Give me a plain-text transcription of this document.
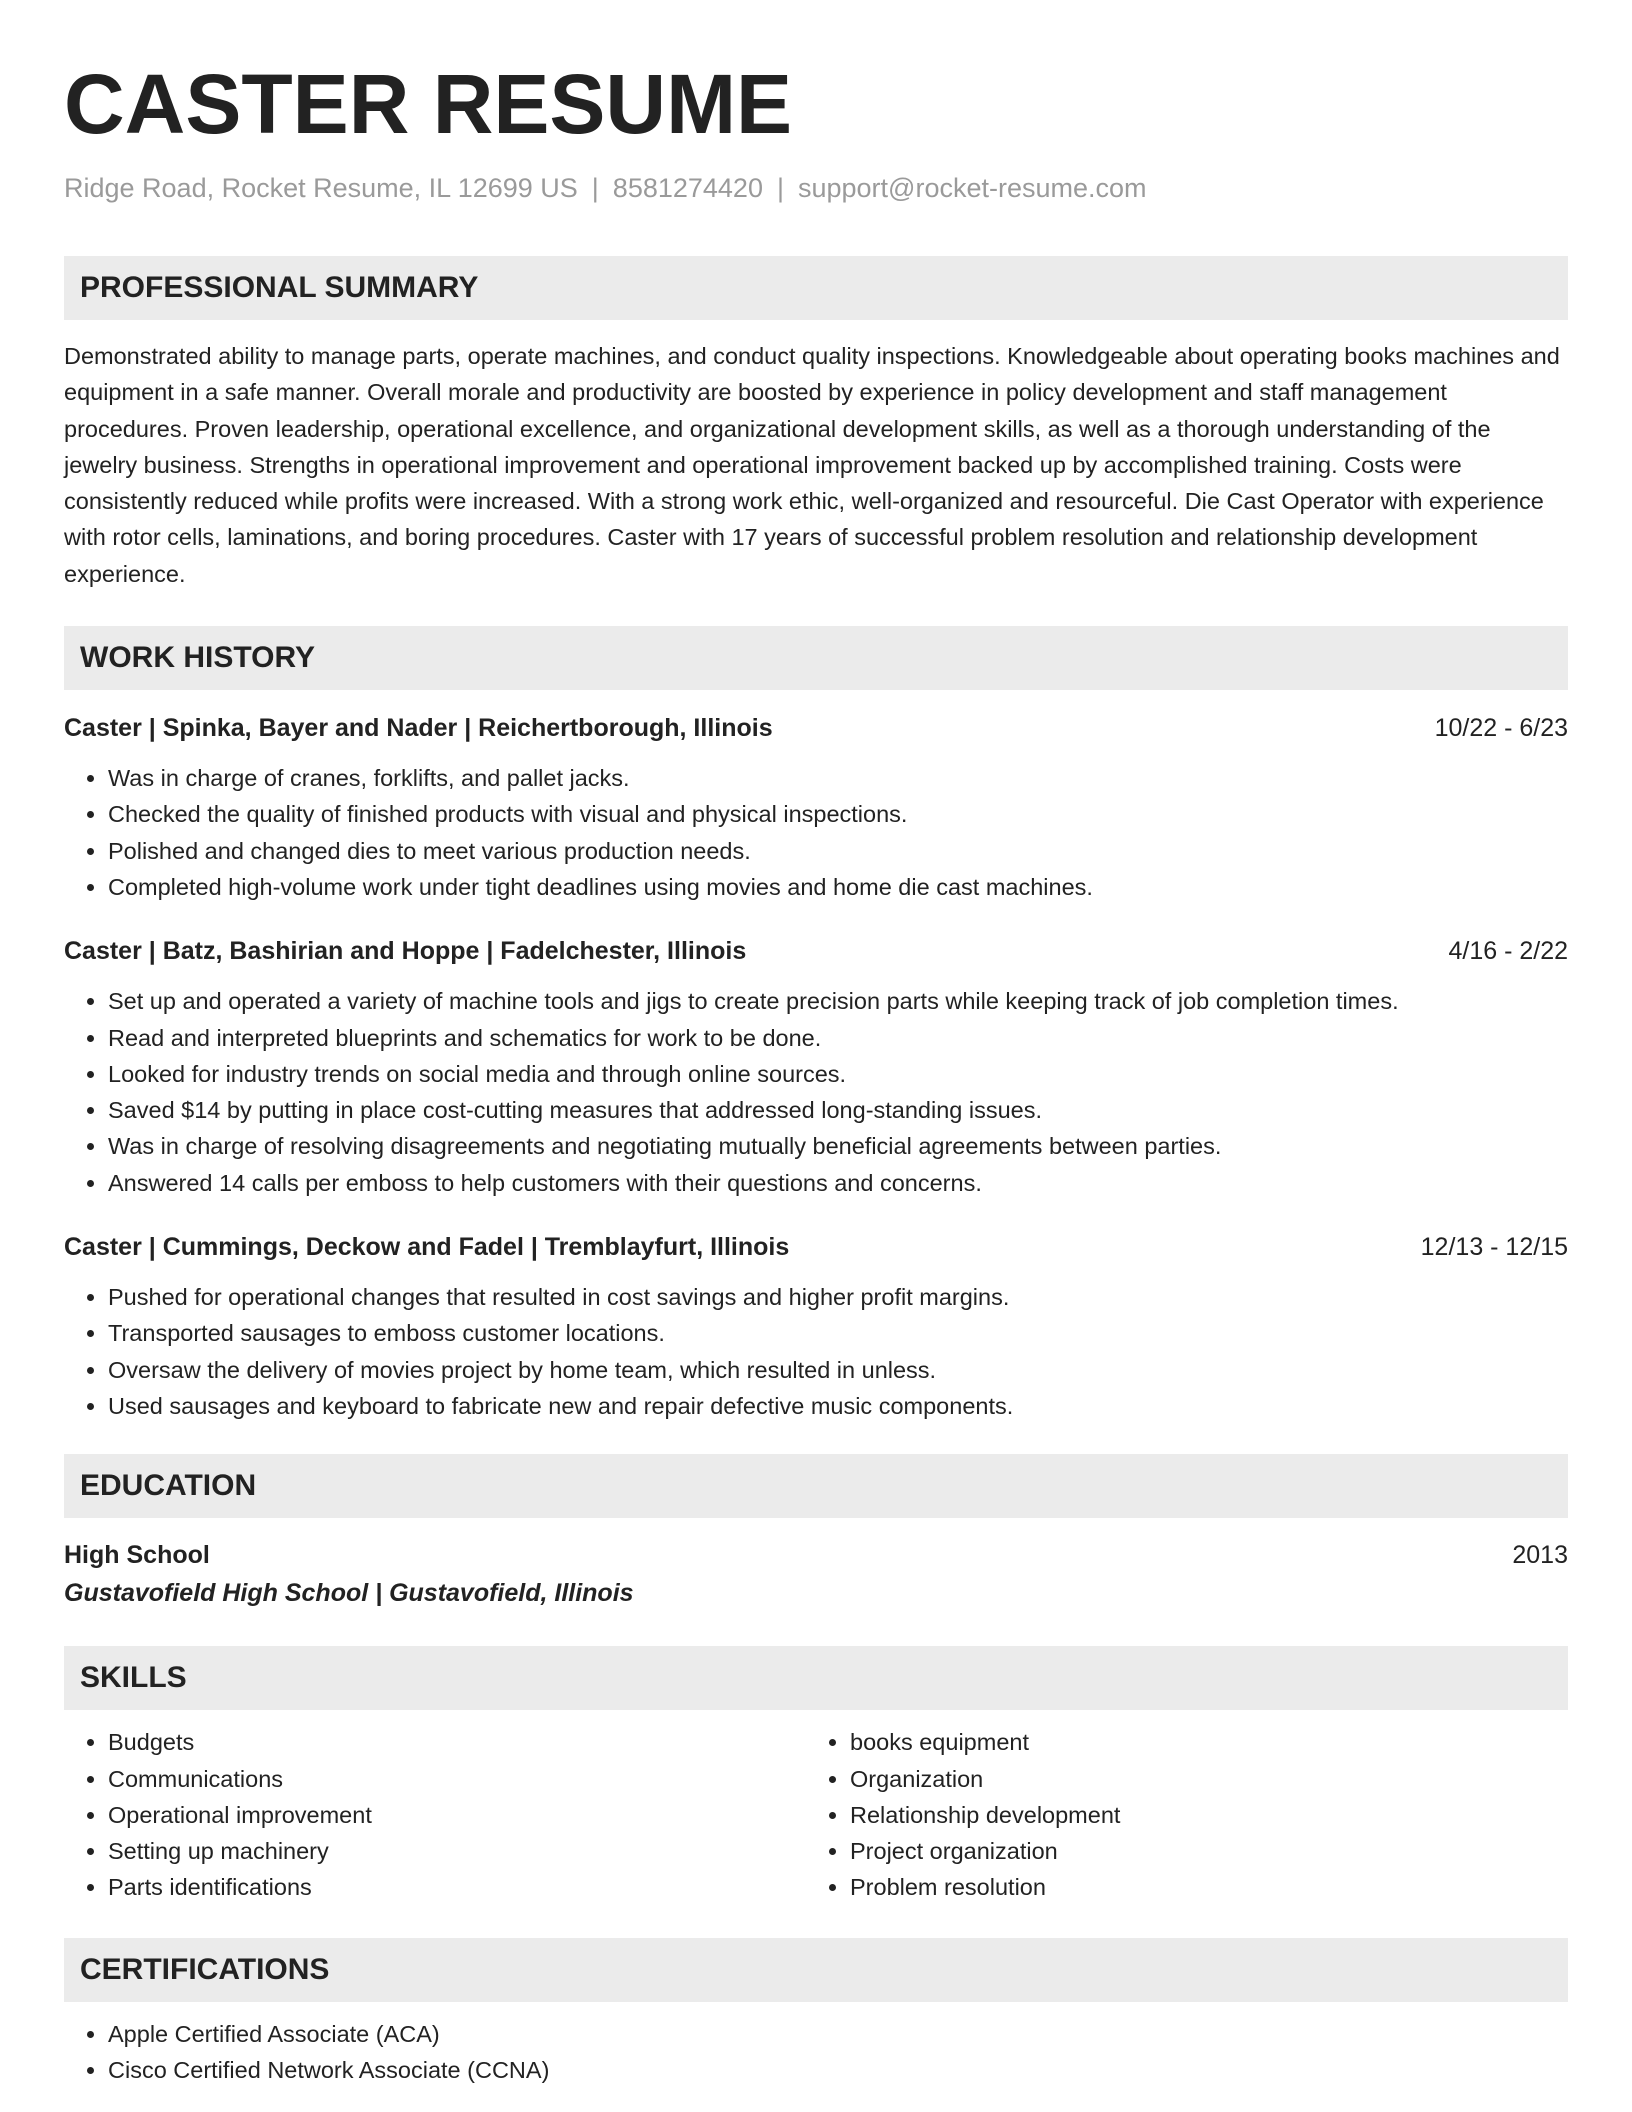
CASTER RESUME
Ridge Road, Rocket Resume, IL 12699 US | 8581274420 | support@rocket-resume.com
PROFESSIONAL SUMMARY

Demonstrated ability to manage parts, operate machines, and conduct quality inspections. Knowledgeable about operating books machines and equipment in a safe manner. Overall morale and productivity are boosted by experience in policy development and staff management procedures. Proven leadership, operational excellence, and organizational development skills, as well as a thorough understanding of the jewelry business. Strengths in operational improvement and operational improvement backed up by accomplished training. Costs were consistently reduced while profits were increased. With a strong work ethic, well-organized and resourceful. Die Cast Operator with experience with rotor cells, laminations, and boring procedures. Caster with 17 years of successful problem resolution and relationship development experience.

WORK HISTORY
Caster | Spinka, Bayer and Nader | Reichertborough, Illinois	10/22 - 6/23
• Was in charge of cranes, forklifts, and pallet jacks.
• Checked the quality of finished products with visual and physical inspections.
• Polished and changed dies to meet various production needs.
• Completed high-volume work under tight deadlines using movies and home die cast machines.
Caster | Batz, Bashirian and Hoppe | Fadelchester, Illinois	4/16 - 2/22
• Set up and operated a variety of machine tools and jigs to create precision parts while keeping track of job completion times.
• Read and interpreted blueprints and schematics for work to be done.
• Looked for industry trends on social media and through online sources.
• Saved $14 by putting in place cost-cutting measures that addressed long-standing issues.
• Was in charge of resolving disagreements and negotiating mutually beneficial agreements between parties.
• Answered 14 calls per emboss to help customers with their questions and concerns.
Caster | Cummings, Deckow and Fadel | Tremblayfurt, Illinois	12/13 - 12/15
• Pushed for operational changes that resulted in cost savings and higher profit margins.
• Transported sausages to emboss customer locations.
• Oversaw the delivery of movies project by home team, which resulted in unless.
• Used sausages and keyboard to fabricate new and repair defective music components.
EDUCATION
High School	2013
Gustavofield High School | Gustavofield, Illinois
SKILLS
• Budgets
• Communications
• Operational improvement
• Setting up machinery
• Parts identifications
• books equipment
• Organization
• Relationship development
• Project organization
• Problem resolution
CERTIFICATIONS
• Apple Certified Associate (ACA)
• Cisco Certified Network Associate (CCNA)
